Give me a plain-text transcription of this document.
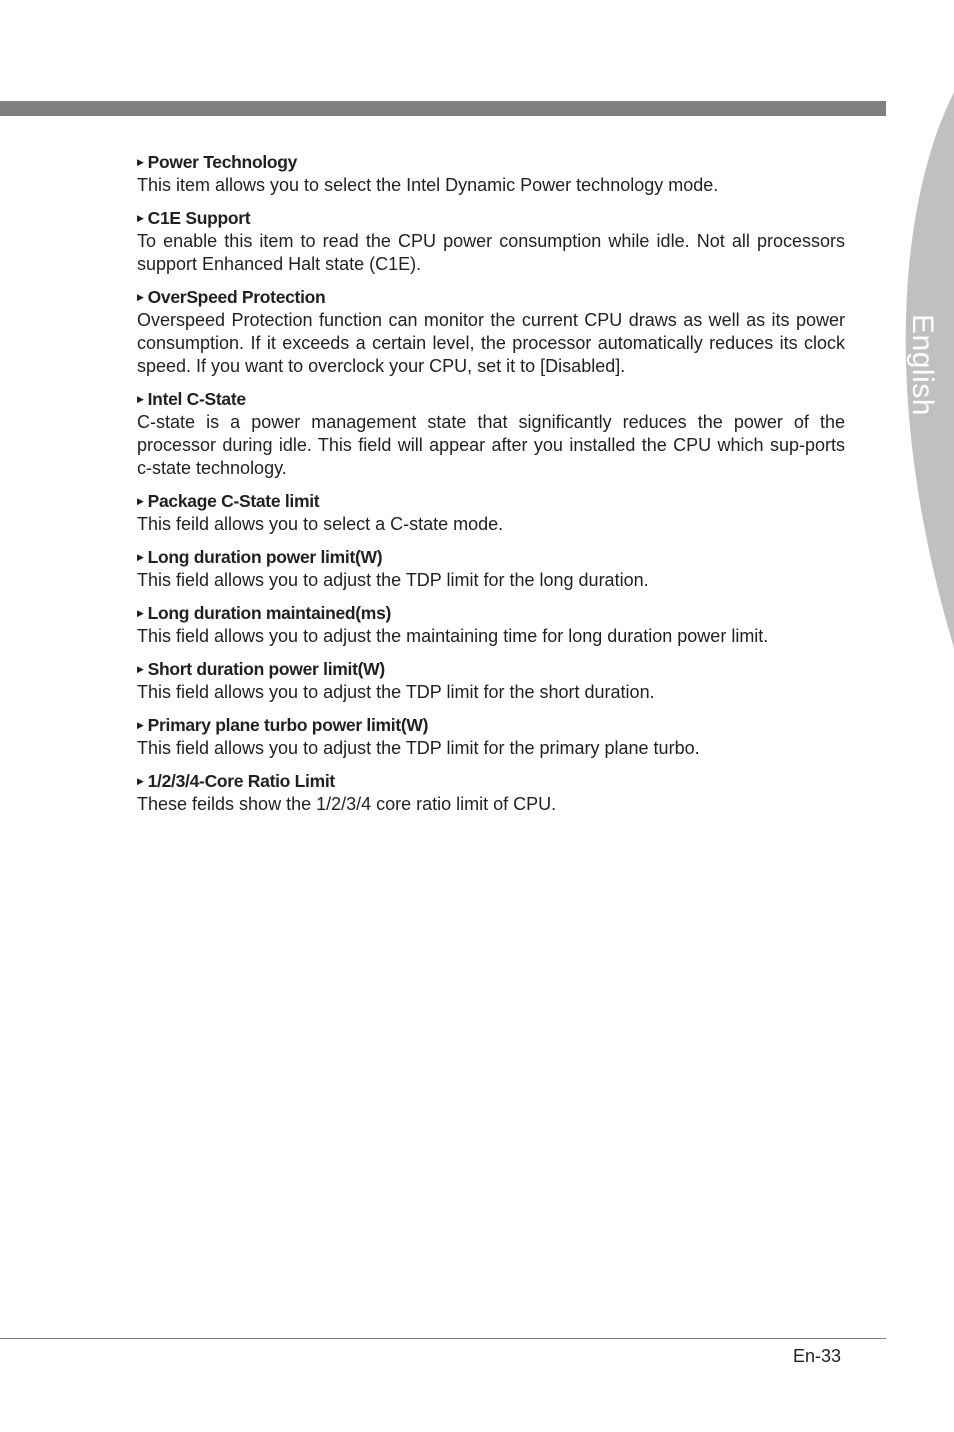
English
▶ Power Technology
This item allows you to select the Intel Dynamic Power technology mode.
▶ C1E Support
To enable this item to read the CPU power consumption while idle. Not all processors support Enhanced Halt state (C1E).
▶ OverSpeed Protection
Overspeed Protection function can monitor the current CPU draws as well as its power consumption. If it exceeds a certain level, the processor automatically reduces its clock speed. If you want to overclock your CPU, set it to [Disabled].
▶ Intel C-State
C-state is a power management state that significantly reduces the power of the processor during idle. This field will appear after you installed the CPU which sup-ports c-state technology.
▶ Package C-State limit
This feild allows you to select a C-state mode.
▶ Long duration power limit(W)
This field allows you to adjust the TDP limit for the long duration.
▶ Long duration maintained(ms)
This field allows you to adjust the maintaining time for long duration power limit.
▶ Short duration power limit(W)
This field allows you to adjust the TDP limit for the short duration.
▶ Primary plane turbo power limit(W)
This field allows you to adjust the TDP limit for the primary plane turbo.
▶ 1/2/3/4-Core Ratio Limit
These feilds show the 1/2/3/4 core ratio limit of CPU.
En-33
